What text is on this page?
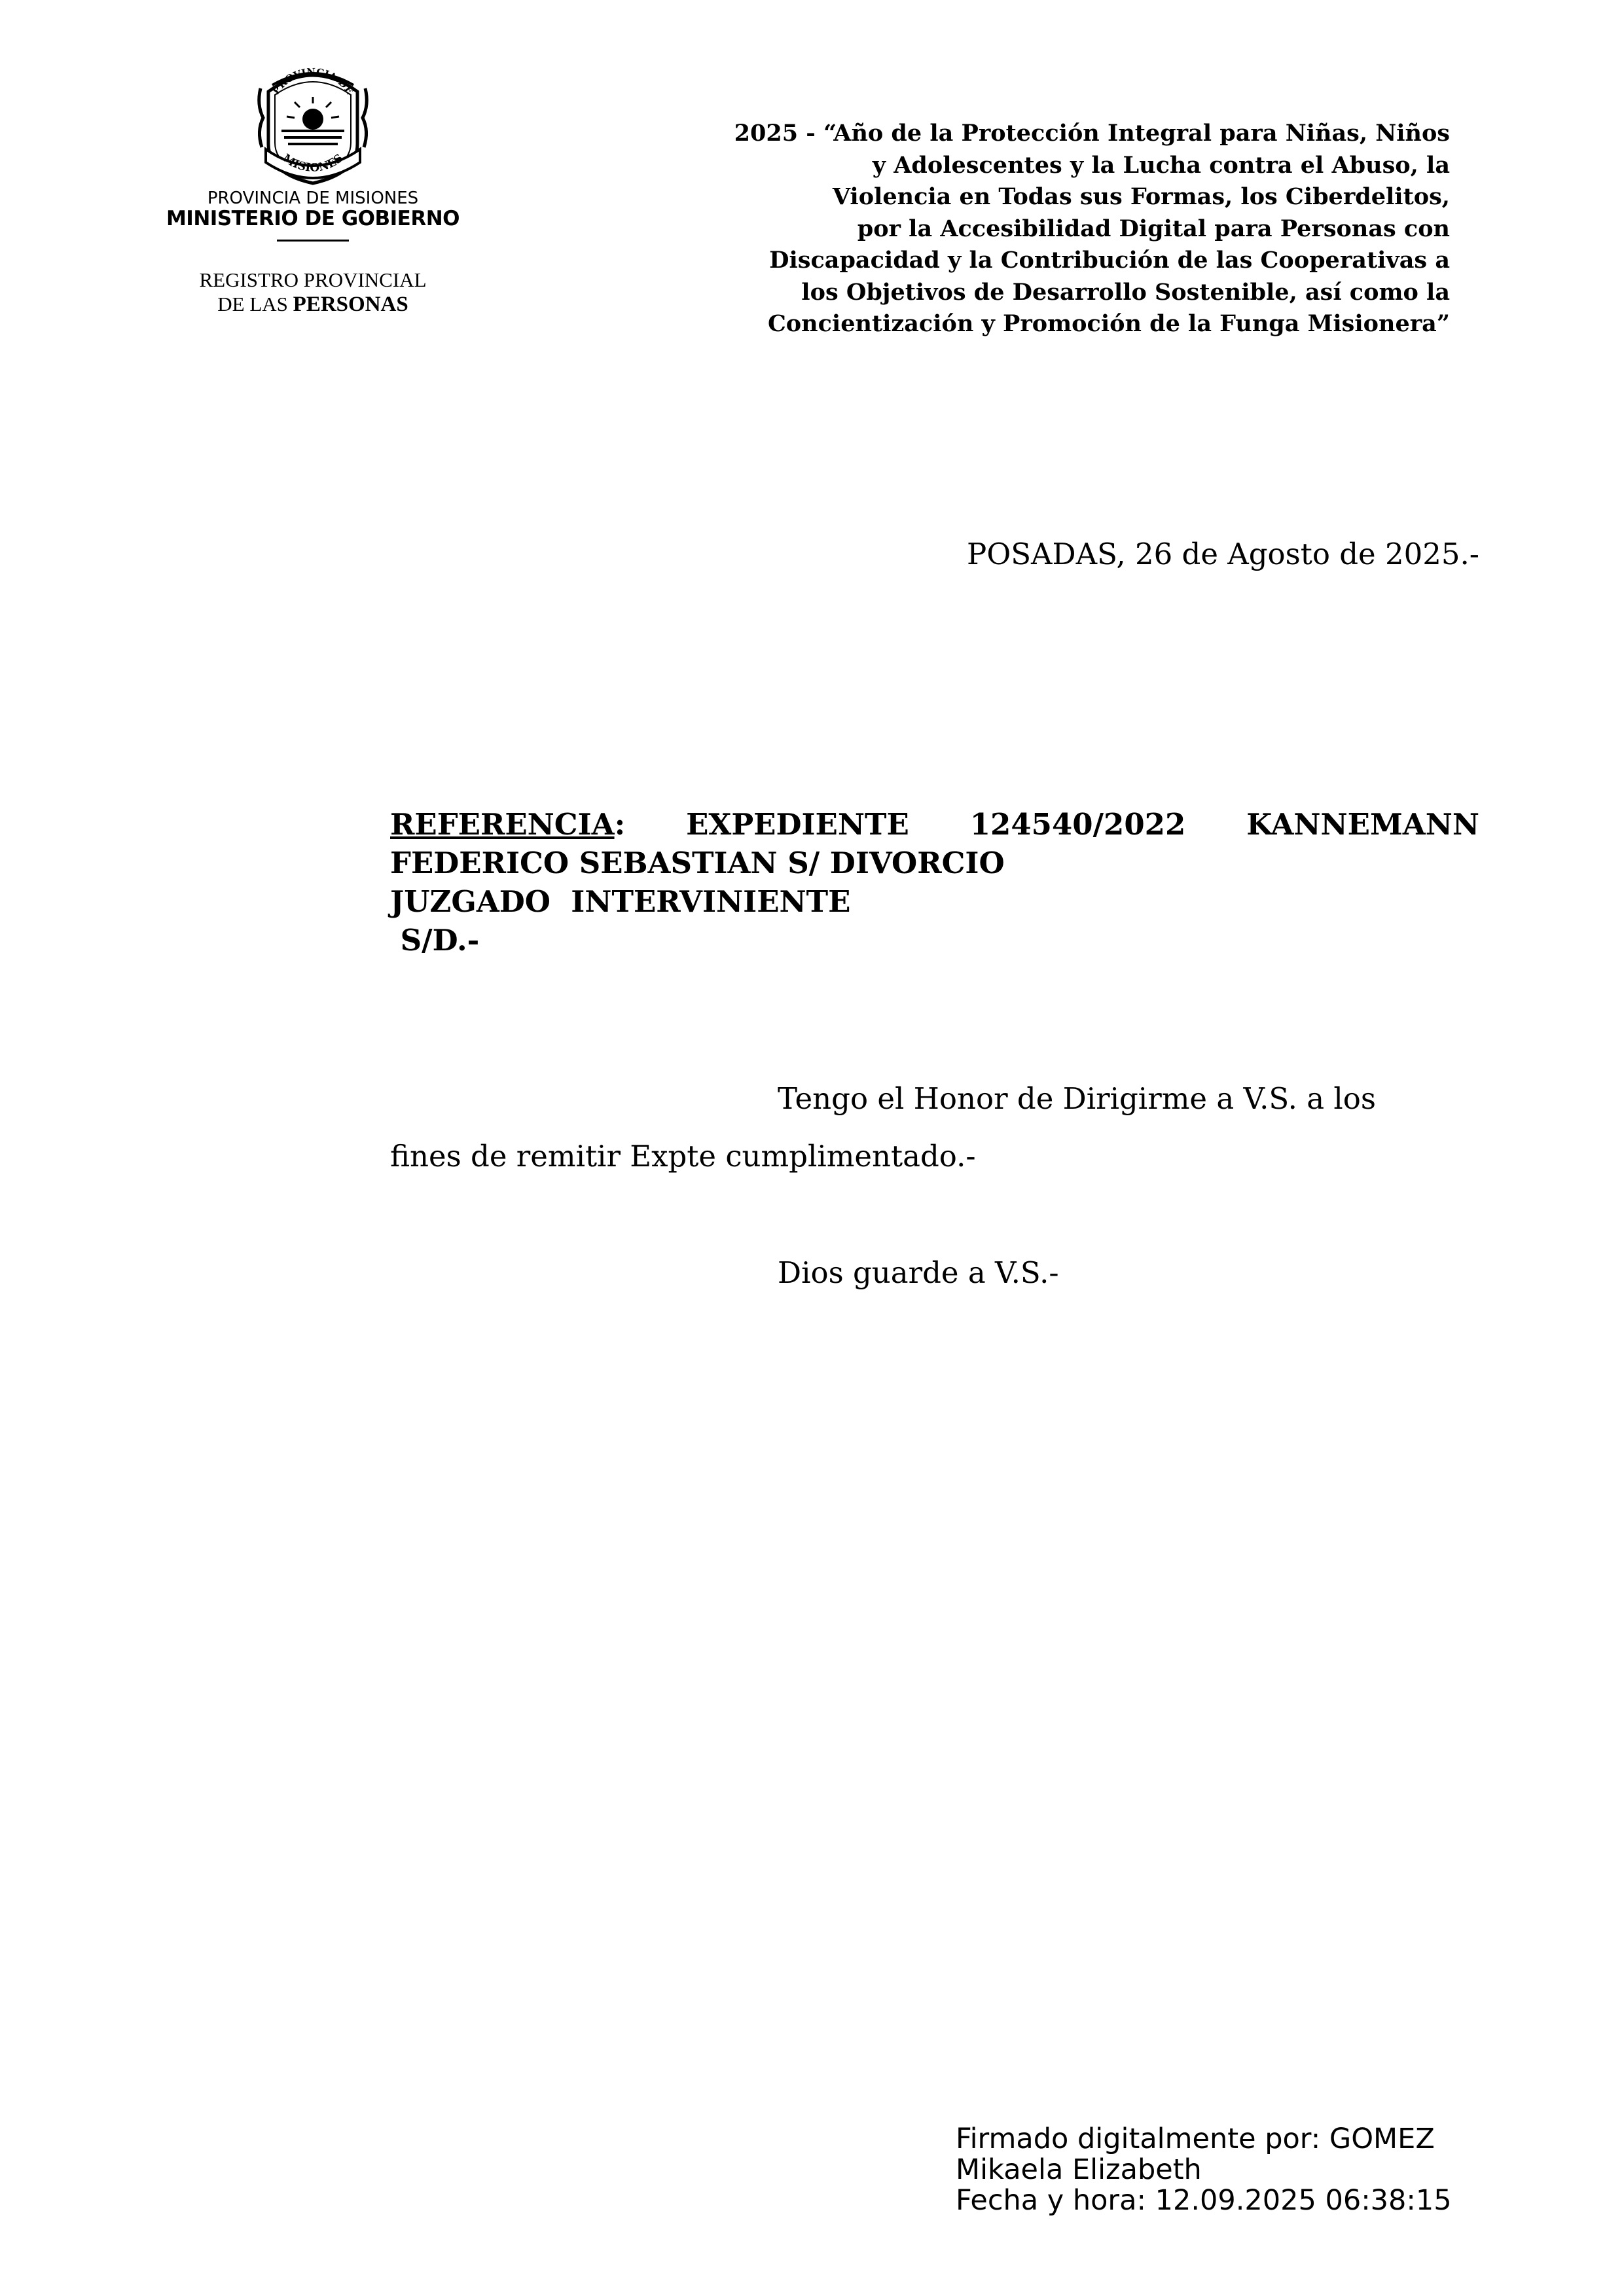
PROVINCIA DE
MISIONES
PROVINCIA DE MISIONES
MINISTERIO DE GOBIERNO
REGISTRO PROVINCIAL
DE LAS PERSONAS
2025 - “Año de la Protección Integral para Niñas, Niños
y Adolescentes y la Lucha contra el Abuso, la
Violencia en Todas sus Formas, los Ciberdelitos,
por la Accesibilidad Digital para Personas con
Discapacidad y la Contribución de las Cooperativas a
los Objetivos de Desarrollo Sostenible, así como la
Concientización y Promoción de la Funga Misionera”
POSADAS, 26 de Agosto de 2025.-
REFERENCIA: EXPEDIENTE 124540/2022 KANNEMANN
FEDERICO SEBASTIAN S/ DIVORCIO
JUZGADO  INTERVINIENTE
S/D.-
Tengo el Honor de Dirigirme a V.S. a los
fines de remitir Expte cumplimentado.-
Dios guarde a V.S.-
Firmado digitalmente por: GOMEZ
Mikaela Elizabeth
Fecha y hora: 12.09.2025 06:38:15
